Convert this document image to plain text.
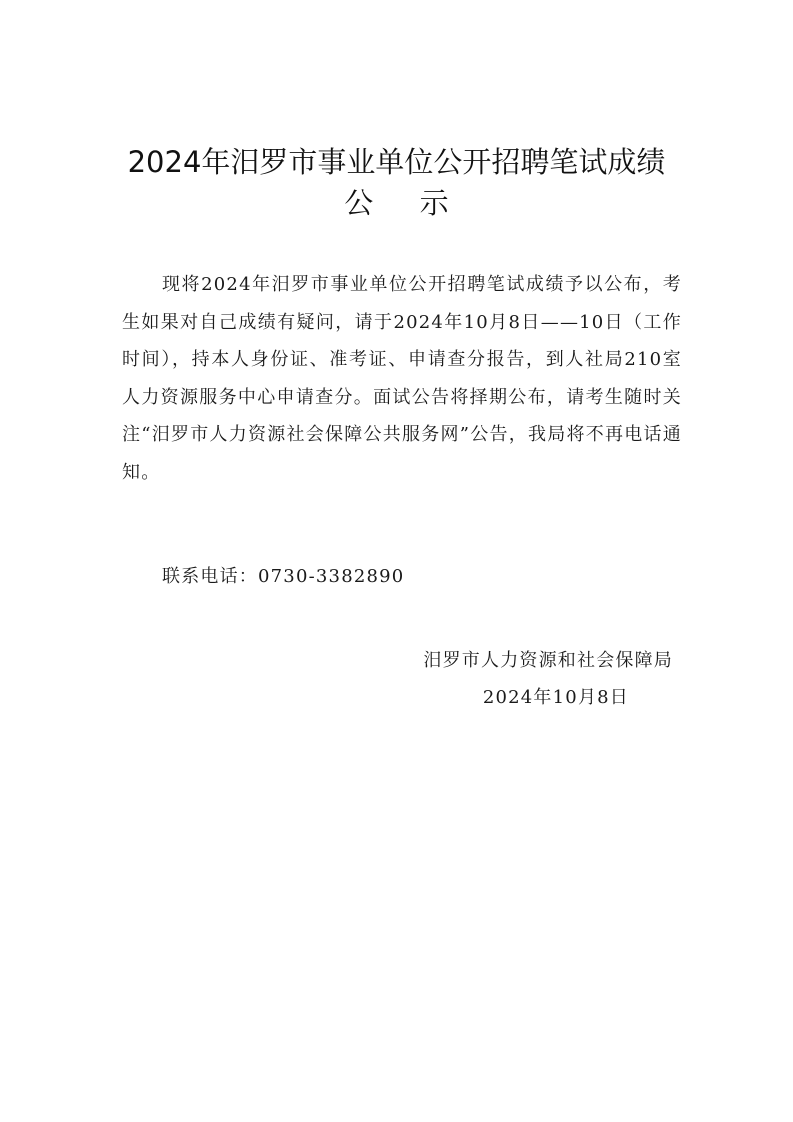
2024年汨罗市事业单位公开招聘笔试成绩
公示

现将2024年汨罗市事业单位公开招聘笔试成绩予以公布，考生如果对自己成绩有疑问，请于2024年10月8日——10日（工作时间），持本人身份证、准考证、申请查分报告，到人社局210室人力资源服务中心申请查分。面试公告将择期公布，请考生随时关注“汨罗市人力资源社会保障公共服务网”公告，我局将不再电话通知。

联系电话：0730-3382890

汨罗市人力资源和社会保障局
2024年10月8日
